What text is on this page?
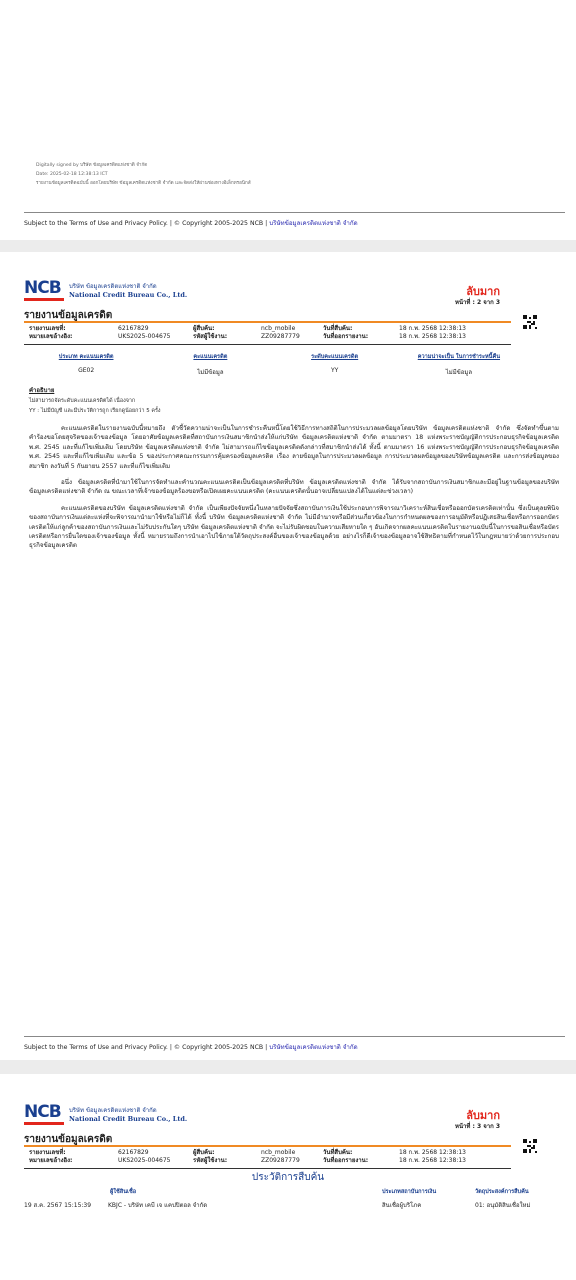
Digitally signed by บริษัท ข้อมูลเครดิตแห่งชาติ จำกัด
Date: 2025-02-18 12:38:13 ICT
รายงานข้อมูลเครดิตฉบับนี้ ออกโดยบริษัท ข้อมูลเครดิตแห่งชาติ จำกัด และจัดส่งให้ผ่านช่องทางอิเล็กทรอนิกส์
Subject to the Terms of Use and Privacy Policy. | © Copyright 2005-2025 NCB | บริษัทข้อมูลเครดิตแห่งชาติ จำกัด
NCB	บริษัท ข้อมูลเครดิตแห่งชาติ จำกัด
National Credit Bureau Co., Ltd.	ลับมาก
หน้าที่ : 2 จาก 3
รายงานข้อมูลเครดิต
รายงานเลขที่:	62167829	ผู้สืบค้น:	ncb_mobile	วันที่สืบค้น:	18 ก.พ. 2568 12:38:13
หมายเลขอ้างอิง:	UKS2025-004675	รหัสผู้ใช้งาน:	ZZ09287779	วันที่ออกรายงาน:	18 ก.พ. 2568 12:38:13
ประเภท คะแนนเครดิต	คะแนนเครดิต	ระดับคะแนนเครดิต	ความน่าจะเป็น ในการชำระหนี้คืน
GE02	ไม่มีข้อมูล	YY	ไม่มีข้อมูล
คำอธิบาย
ไม่สามารถจัดระดับคะแนนเครดิตได้ เนื่องจาก
YY : ไม่มีบัญชี และมีประวัติการถูก เรียกดูน้อยกว่า 5 ครั้ง

คะแนนเครดิตในรายงานฉบับนี้หมายถึง ตัวชี้วัดความน่าจะเป็นในการชำระคืนหนี้โดยใช้วิธีการทางสถิติในการประมวลผลข้อมูลโดยบริษัท ข้อมูลเครดิตแห่งชาติ จำกัด ซึ่งจัดทำขึ้นตามคำร้องขอโดยสุจริตของเจ้าของข้อมูล โดยอาศัยข้อมูลเครดิตที่สถาบันการเงินสมาชิกนำส่งให้แก่บริษัท ข้อมูลเครดิตแห่งชาติ จำกัด ตามมาตรา 18 แห่งพระราชบัญญัติการประกอบธุรกิจข้อมูลเครดิต พ.ศ. 2545 และที่แก้ไขเพิ่มเติม โดยบริษัท ข้อมูลเครดิตแห่งชาติ จำกัด ไม่สามารถแก้ไขข้อมูลเครดิตดังกล่าวที่สมาชิกนำส่งได้ ทั้งนี้ ตามมาตรา 16 แห่งพระราชบัญญัติการประกอบธุรกิจข้อมูลเครดิต พ.ศ. 2545 และที่แก้ไขเพิ่มเติม และข้อ 5 ของประกาศคณะกรรมการคุ้มครองข้อมูลเครดิต เรื่อง ลายข้อมูลในการประมวลผลข้อมูล การประมวลผลข้อมูลของบริษัทข้อมูลเครดิต และการส่งข้อมูลของสมาชิก ลงวันที่ 5 กันยายน 2557 และที่แก้ไขเพิ่มเติม

อนึ่ง ข้อมูลเครดิตที่นำมาใช้ในการจัดทำและคำนวณคะแนนเครดิตเป็นข้อมูลเครดิตที่บริษัท ข้อมูลเครดิตแห่งชาติ จำกัด ได้รับจากสถาบันการเงินสมาชิกและมีอยู่ในฐานข้อมูลของบริษัท ข้อมูลเครดิตแห่งชาติ จำกัด ณ ขณะเวลาที่เจ้าของข้อมูลร้องขอหรือเปิดเผยคะแนนเครดิต (คะแนนเครดิตนั้นอาจเปลี่ยนแปลงได้ในแต่ละช่วงเวลา)

คะแนนเครดิตของบริษัท ข้อมูลเครดิตแห่งชาติ จำกัด เป็นเพียงปัจจัยหนึ่งในหลายปัจจัยซึ่งสถาบันการเงินใช้ประกอบการพิจารณาวิเคราะห์สินเชื่อหรือออกบัตรเครดิตเท่านั้น ซึ่งเป็นดุลยพินิจของสถาบันการเงินแต่ละแห่งที่จะพิจารณานำมาใช้หรือไม่ก็ได้ ทั้งนี้ บริษัท ข้อมูลเครดิตแห่งชาติ จำกัด ไม่มีอำนาจหรือมีส่วนเกี่ยวข้องในการกำหนดผลของการอนุมัติหรือปฏิเสธสินเชื่อหรือการออกบัตรเครดิตให้แก่ลูกค้าของสถาบันการเงินและไม่รับประกันใดๆ บริษัท ข้อมูลเครดิตแห่งชาติ จำกัด จะไม่รับผิดชอบในความเสียหายใด ๆ อันเกิดจากผลคะแนนเครดิตในรายงานฉบับนี้ในการขอสินเชื่อหรือบัตรเครดิตหรือการยื่นใดของเจ้าของข้อมูล ทั้งนี้ หมายรวมถึงการนำเอาไปใช้ภายใต้วัตถุประสงค์อื่นของเจ้าของข้อมูลด้วย อย่างไรก็ดีเจ้าของข้อมูลอาจใช้สิทธิตามที่กำหนดไว้ในกฎหมายว่าด้วยการประกอบธุรกิจข้อมูลเครดิต

Subject to the Terms of Use and Privacy Policy. | © Copyright 2005-2025 NCB | บริษัทข้อมูลเครดิตแห่งชาติ จำกัด
NCB	บริษัท ข้อมูลเครดิตแห่งชาติ จำกัด
National Credit Bureau Co., Ltd.	ลับมาก
หน้าที่ : 3 จาก 3
รายงานข้อมูลเครดิต
รายงานเลขที่:	62167829	ผู้สืบค้น:	ncb_mobile	วันที่สืบค้น:	18 ก.พ. 2568 12:38:13
หมายเลขอ้างอิง:	UKS2025-004675	รหัสผู้ใช้งาน:	ZZ09287779	วันที่ออกรายงาน:	18 ก.พ. 2568 12:38:13
ประวัติการสืบค้น
ผู้ใช้สินเชื่อ	ประเภทสถาบันการเงิน	วัตถุประสงค์การสืบค้น
19 ส.ค. 2567 15:15:39	KBJC - บริษัท เคบี เจ แคปปิตอล จำกัด	สินเชื่อผู้บริโภค	01: อนุมัติสินเชื่อใหม่
